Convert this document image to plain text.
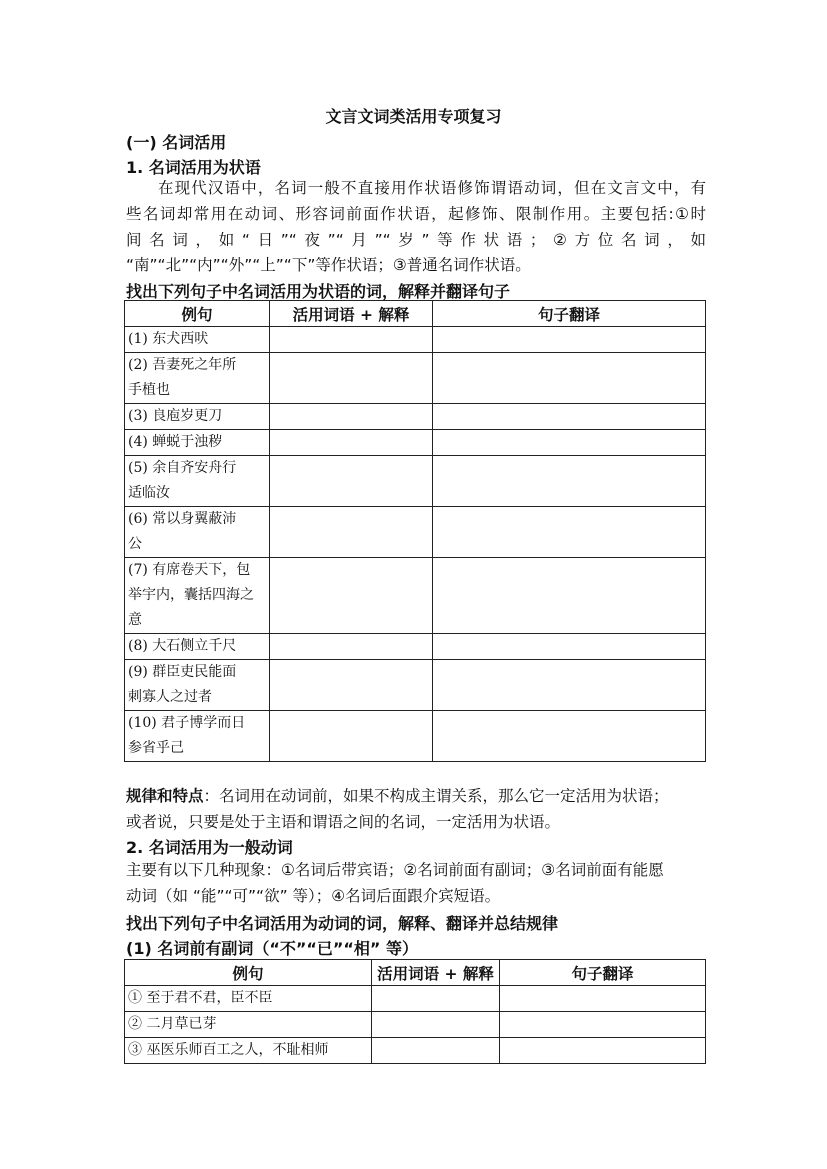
文言文词类活用专项复习
(一) 名词活用
1. 名词活用为状语
在现代汉语中，名词一般不直接用作状语修饰谓语动词，但在文言文中，有
些名词却常用在动词、形容词前面作状语，起修饰、限制作用。主要包括:①时
间名词，如“日”“夜”“月”“岁”等作状语；②方位名词，如
“南”“北”“内”“外”“上”“下”等作状语；③普通名词作状语。
找出下列句子中名词活用为状语的词，解释并翻译句子
例句	活用词语 + 解释	句子翻译

(1) 东犬西吠		

(2) 吾妻死之年所
手植也		

(3) 良庖岁更刀		

(4) 蝉蜕于浊秽		

(5) 余自齐安舟行
适临汝		

(6) 常以身翼蔽沛
公		

(7) 有席卷天下，包
举宇内，囊括四海之
意		

(8) 大石侧立千尺		

(9) 群臣吏民能面
刺寡人之过者		

(10) 君子博学而日
参省乎己		

规律和特点：名词用在动词前，如果不构成主谓关系，那么它一定活用为状语；
或者说，只要是处于主语和谓语之间的名词，一定活用为状语。
2. 名词活用为一般动词
主要有以下几种现象：①名词后带宾语；②名词前面有副词；③名词前面有能愿
动词（如 “能”“可”“欲” 等）；④名词后面跟介宾短语。
找出下列句子中名词活用为动词的词，解释、翻译并总结规律
(1) 名词前有副词（“不”“已”“相” 等）
例句	活用词语 + 解释	句子翻译

① 至于君不君，臣不臣		

② 二月草已芽		

③ 巫医乐师百工之人，不耻相师		
